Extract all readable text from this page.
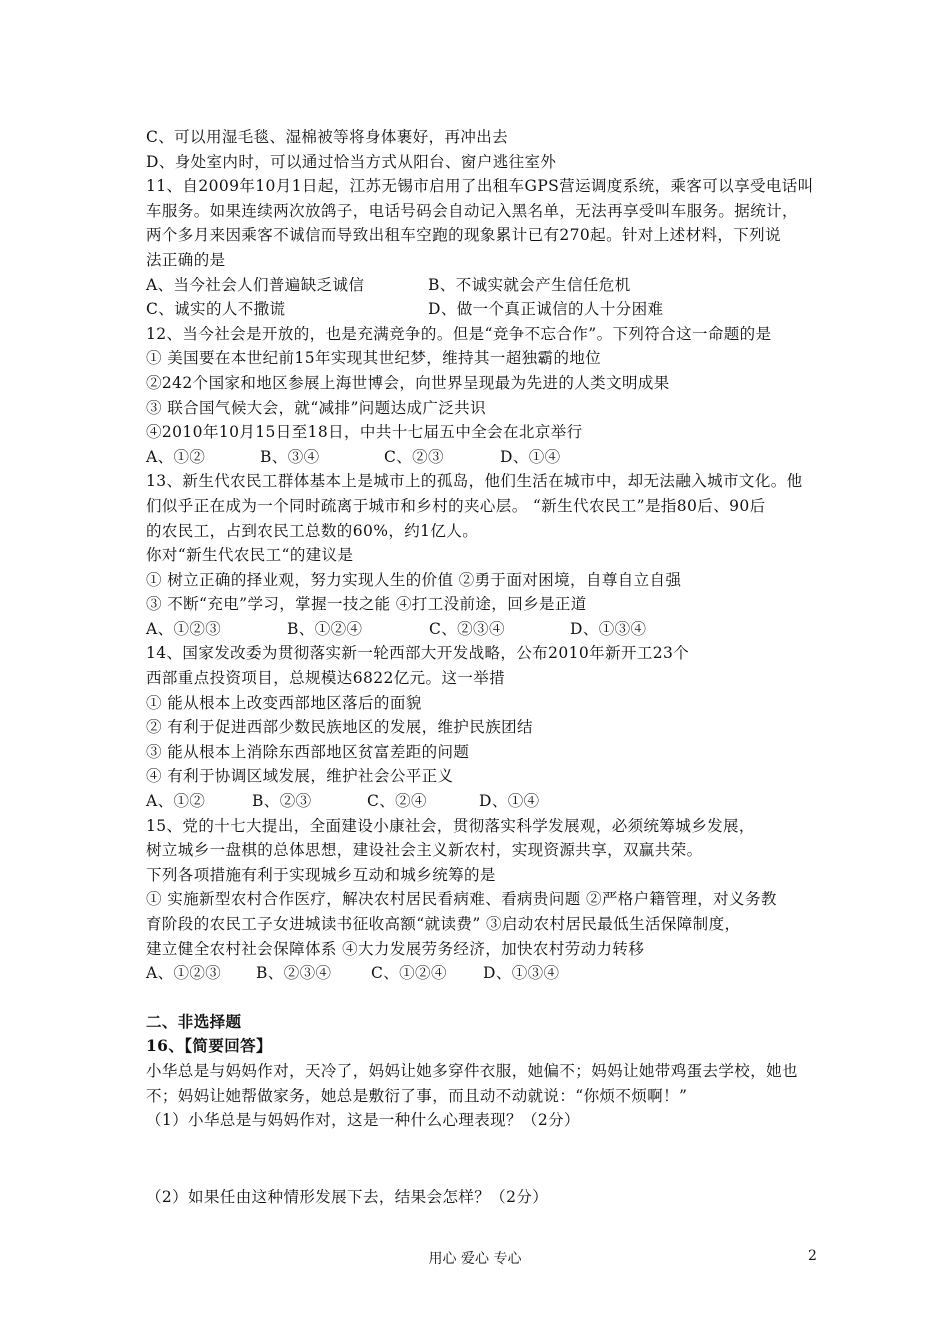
C、可以用湿毛毯、湿棉被等将身体裹好，再冲出去
D、身处室内时，可以通过恰当方式从阳台、窗户逃往室外
11、自2009年10月1日起，江苏无锡市启用了出租车GPS营运调度系统，乘客可以享受电话叫
车服务。如果连续两次放鸽子，电话号码会自动记入黑名单，无法再享受叫车服务。据统计，
两个多月来因乘客不诚信而导致出租车空跑的现象累计已有270起。针对上述材料，下列说
法正确的是
A、当今社会人们普遍缺乏诚信	B、不诚实就会产生信任危机
C、诚实的人不撒谎	D、做一个真正诚信的人十分困难
12、当今社会是开放的，也是充满竞争的。但是“竞争不忘合作”。下列符合这一命题的是
① 美国要在本世纪前15年实现其世纪梦，维持其一超独霸的地位
②242个国家和地区参展上海世博会，向世界呈现最为先进的人类文明成果
③ 联合国气候大会，就“减排”问题达成广泛共识
④2010年10月15日至18日，中共十七届五中全会在北京举行
A、①②	B、③④	C、②③	D、①④
13、新生代农民工群体基本上是城市上的孤岛，他们生活在城市中，却无法融入城市文化。他
们似乎正在成为一个同时疏离于城市和乡村的夹心层。 “新生代农民工”是指80后、90后
的农民工，占到农民工总数的60%，约1亿人。
你对“新生代农民工“的建议是
① 树立正确的择业观，努力实现人生的价值 ②勇于面对困境，自尊自立自强
③ 不断“充电”学习，掌握一技之能 ④打工没前途，回乡是正道
A、①②③	B、①②④	C、②③④	D、①③④
14、国家发改委为贯彻落实新一轮西部大开发战略，公布2010年新开工23个
西部重点投资项目，总规模达6822亿元。这一举措
① 能从根本上改变西部地区落后的面貌
② 有利于促进西部少数民族地区的发展，维护民族团结
③ 能从根本上消除东西部地区贫富差距的问题
④ 有利于协调区域发展，维护社会公平正义
A、①②	B、②③	C、②④	D、①④
15、党的十七大提出，全面建设小康社会，贯彻落实科学发展观，必须统筹城乡发展，
树立城乡一盘棋的总体思想，建设社会主义新农村，实现资源共享，双赢共荣。
下列各项措施有利于实现城乡互动和城乡统筹的是
① 实施新型农村合作医疗，解决农村居民看病难、看病贵问题 ②严格户籍管理，对义务教
育阶段的农民工子女进城读书征收高额“就读费” ③启动农村居民最低生活保障制度，
建立健全农村社会保障体系 ④大力发展劳务经济，加快农村劳动力转移
A、①②③	B、②③④	C、①②④	D、①③④
二、非选择题
16、【简要回答】
小华总是与妈妈作对，天冷了，妈妈让她多穿件衣服，她偏不；妈妈让她带鸡蛋去学校，她也
不；妈妈让她帮做家务，她总是敷衍了事，而且动不动就说：“你烦不烦啊！”
（1）小华总是与妈妈作对，这是一种什么心理表现？（2分）
（2）如果任由这种情形发展下去，结果会怎样？（2分）
用心 爱心 专心	2
